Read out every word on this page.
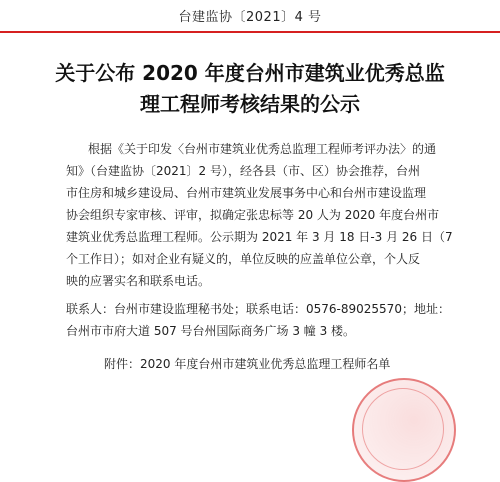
台建监协〔2021〕4 号
关于公布 2020 年度台州市建筑业优秀总监
理工程师考核结果的公示
根据《关于印发〈台州市建筑业优秀总监理工程师考评办法〉的通
知》（台建监协〔2021〕2 号），经各县（市、区）协会推荐，台州
市住房和城乡建设局、台州市建筑业发展事务中心和台州市建设监理
协会组织专家审核、评审，拟确定张忠标等 20 人为 2020 年度台州市
建筑业优秀总监理工程师。公示期为 2021 年 3 月 18 日-3 月 26 日（7
个工作日）；如对企业有疑义的，单位反映的应盖单位公章，个人反
映的应署实名和联系电话。
联系人：台州市建设监理秘书处；联系电话：0576-89025570；地址：
台州市市府大道 507 号台州国际商务广场 3 幢 3 楼。
附件：2020 年度台州市建筑业优秀总监理工程师名单
